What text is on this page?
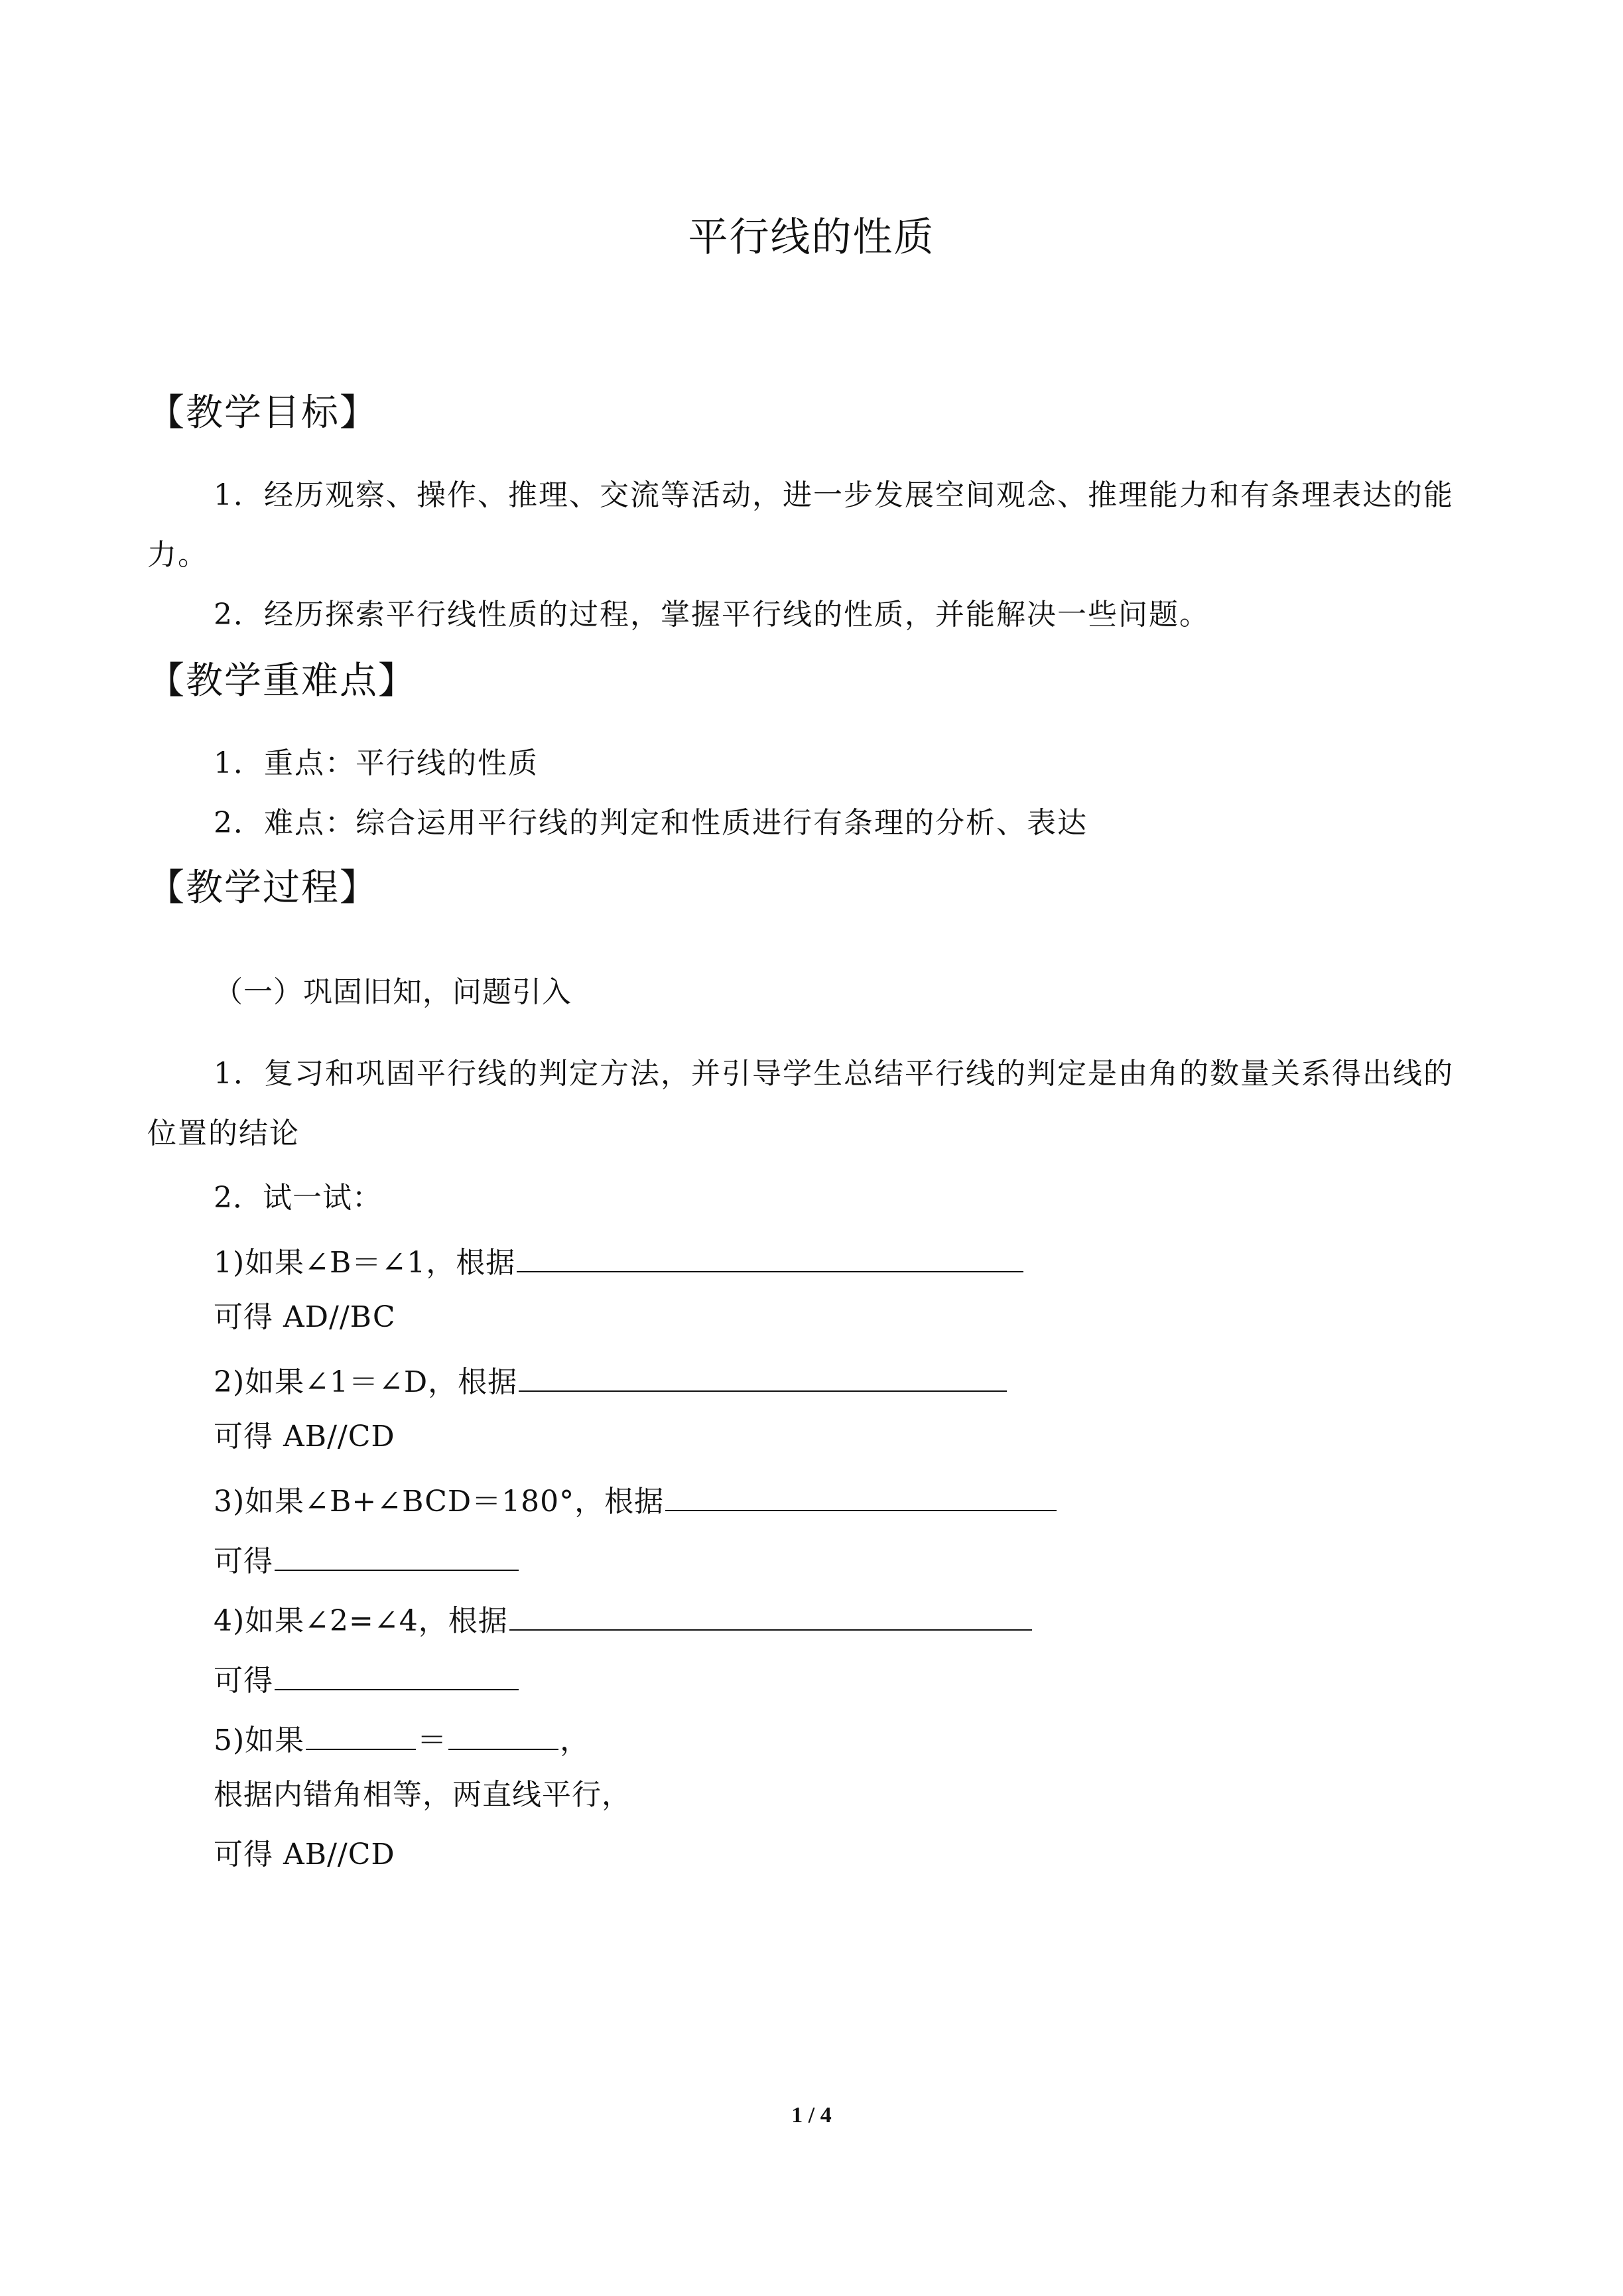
平行线的性质
【教学目标】
1．经历观察、操作、推理、交流等活动，进一步发展空间观念、推理能力和有条理表达的能力。
2．经历探索平行线性质的过程，掌握平行线的性质，并能解决一些问题。
【教学重难点】
1．重点：平行线的性质
2．难点：综合运用平行线的判定和性质进行有条理的分析、表达
【教学过程】
（一）巩固旧知，问题引入
1．复习和巩固平行线的判定方法，并引导学生总结平行线的判定是由角的数量关系得出线的位置的结论
2．试一试：
1)如果∠B＝∠1，根据
可得 AD//BC
2)如果∠1＝∠D，根据
可得 AB//CD
3)如果∠B+∠BCD＝180°，根据
可得
4)如果∠2=∠4，根据
可得
5)如果	＝	，
根据内错角相等，两直线平行，
可得 AB//CD
1 / 4
